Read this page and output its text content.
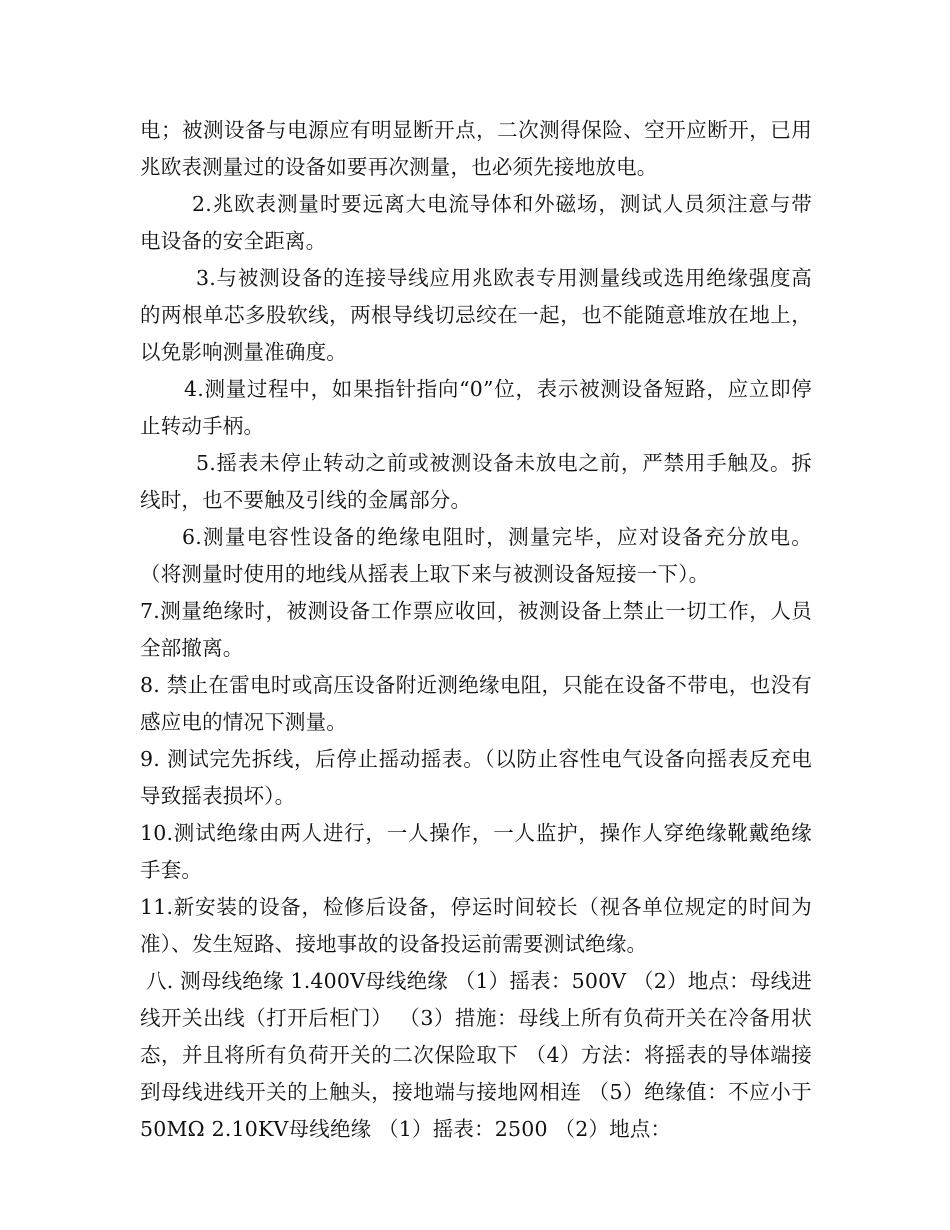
电；被测设备与电源应有明显断开点，二次测得保险、空开应断开，已用兆欧表测量过的设备如要再次测量，也必须先接地放电。

2.兆欧表测量时要远离大电流导体和外磁场，测试人员须注意与带电设备的安全距离。

3.与被测设备的连接导线应用兆欧表专用测量线或选用绝缘强度高的两根单芯多股软线，两根导线切忌绞在一起，也不能随意堆放在地上，以免影响测量准确度。

4.测量过程中，如果指针指向“0”位，表示被测设备短路，应立即停止转动手柄。

5.摇表未停止转动之前或被测设备未放电之前，严禁用手触及。拆线时，也不要触及引线的金属部分。

6.测量电容性设备的绝缘电阻时，测量完毕，应对设备充分放电。（将测量时使用的地线从摇表上取下来与被测设备短接一下）。

7.测量绝缘时，被测设备工作票应收回，被测设备上禁止一切工作，人员全部撤离。

8. 禁止在雷电时或高压设备附近测绝缘电阻，只能在设备不带电，也没有感应电的情况下测量。

9. 测试完先拆线，后停止摇动摇表。（以防止容性电气设备向摇表反充电导致摇表损坏）。

10.测试绝缘由两人进行，一人操作，一人监护，操作人穿绝缘靴戴绝缘手套。

11.新安装的设备，检修后设备，停运时间较长（视各单位规定的时间为准）、发生短路、接地事故的设备投运前需要测试绝缘。

八. 测母线绝缘 1.400V母线绝缘 （1）摇表：500V （2）地点：母线进线开关出线（打开后柜门） （3）措施：母线上所有负荷开关在冷备用状态，并且将所有负荷开关的二次保险取下 （4）方法：将摇表的导体端接到母线进线开关的上触头，接地端与接地网相连 （5）绝缘值：不应小于50MΩ 2.10KV母线绝缘 （1）摇表：2500 （2）地点：
